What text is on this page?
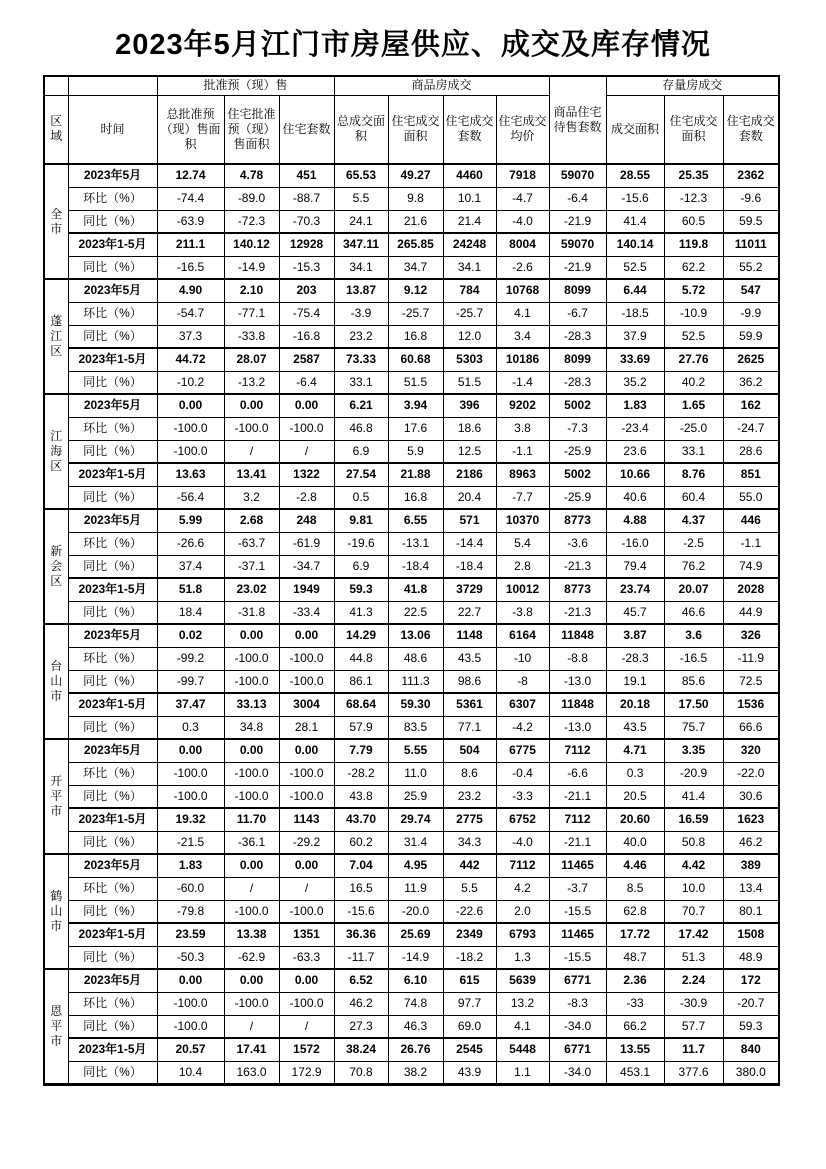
2023年5月江门市房屋供应、成交及库存情况
		批准预（现）售			商品房成交				商品住宅待售套数	存量房成交		
区域	时间	总批准预（现）售面积	住宅批准预（现）售面积	住宅套数	总成交面积	住宅成交面积	住宅成交套数	住宅成交均价		成交面积	住宅成交面积	住宅成交套数
全市	2023年5月	12.74	4.78	451	65.53	49.27	4460	7918	59070	28.55	25.35	2362
	环比（%）	-74.4	-89.0	-88.7	5.5	9.8	10.1	-4.7	-6.4	-15.6	-12.3	-9.6
	同比（%）	-63.9	-72.3	-70.3	24.1	21.6	21.4	-4.0	-21.9	41.4	60.5	59.5
	2023年1-5月	211.1	140.12	12928	347.11	265.85	24248	8004	59070	140.14	119.8	11011
	同比（%）	-16.5	-14.9	-15.3	34.1	34.7	34.1	-2.6	-21.9	52.5	62.2	55.2
蓬江区	2023年5月	4.90	2.10	203	13.87	9.12	784	10768	8099	6.44	5.72	547
	环比（%）	-54.7	-77.1	-75.4	-3.9	-25.7	-25.7	4.1	-6.7	-18.5	-10.9	-9.9
	同比（%）	37.3	-33.8	-16.8	23.2	16.8	12.0	3.4	-28.3	37.9	52.5	59.9
	2023年1-5月	44.72	28.07	2587	73.33	60.68	5303	10186	8099	33.69	27.76	2625
	同比（%）	-10.2	-13.2	-6.4	33.1	51.5	51.5	-1.4	-28.3	35.2	40.2	36.2
江海区	2023年5月	0.00	0.00	0.00	6.21	3.94	396	9202	5002	1.83	1.65	162
	环比（%）	-100.0	-100.0	-100.0	46.8	17.6	18.6	3.8	-7.3	-23.4	-25.0	-24.7
	同比（%）	-100.0	/	/	6.9	5.9	12.5	-1.1	-25.9	23.6	33.1	28.6
	2023年1-5月	13.63	13.41	1322	27.54	21.88	2186	8963	5002	10.66	8.76	851
	同比（%）	-56.4	3.2	-2.8	0.5	16.8	20.4	-7.7	-25.9	40.6	60.4	55.0
新会区	2023年5月	5.99	2.68	248	9.81	6.55	571	10370	8773	4.88	4.37	446
	环比（%）	-26.6	-63.7	-61.9	-19.6	-13.1	-14.4	5.4	-3.6	-16.0	-2.5	-1.1
	同比（%）	37.4	-37.1	-34.7	6.9	-18.4	-18.4	2.8	-21.3	79.4	76.2	74.9
	2023年1-5月	51.8	23.02	1949	59.3	41.8	3729	10012	8773	23.74	20.07	2028
	同比（%）	18.4	-31.8	-33.4	41.3	22.5	22.7	-3.8	-21.3	45.7	46.6	44.9
台山市	2023年5月	0.02	0.00	0.00	14.29	13.06	1148	6164	11848	3.87	3.6	326
	环比（%）	-99.2	-100.0	-100.0	44.8	48.6	43.5	-10	-8.8	-28.3	-16.5	-11.9
	同比（%）	-99.7	-100.0	-100.0	86.1	111.3	98.6	-8	-13.0	19.1	85.6	72.5
	2023年1-5月	37.47	33.13	3004	68.64	59.30	5361	6307	11848	20.18	17.50	1536
	同比（%）	0.3	34.8	28.1	57.9	83.5	77.1	-4.2	-13.0	43.5	75.7	66.6
开平市	2023年5月	0.00	0.00	0.00	7.79	5.55	504	6775	7112	4.71	3.35	320
	环比（%）	-100.0	-100.0	-100.0	-28.2	11.0	8.6	-0.4	-6.6	0.3	-20.9	-22.0
	同比（%）	-100.0	-100.0	-100.0	43.8	25.9	23.2	-3.3	-21.1	20.5	41.4	30.6
	2023年1-5月	19.32	11.70	1143	43.70	29.74	2775	6752	7112	20.60	16.59	1623
	同比（%）	-21.5	-36.1	-29.2	60.2	31.4	34.3	-4.0	-21.1	40.0	50.8	46.2
鹤山市	2023年5月	1.83	0.00	0.00	7.04	4.95	442	7112	11465	4.46	4.42	389
	环比（%）	-60.0	/	/	16.5	11.9	5.5	4.2	-3.7	8.5	10.0	13.4
	同比（%）	-79.8	-100.0	-100.0	-15.6	-20.0	-22.6	2.0	-15.5	62.8	70.7	80.1
	2023年1-5月	23.59	13.38	1351	36.36	25.69	2349	6793	11465	17.72	17.42	1508
	同比（%）	-50.3	-62.9	-63.3	-11.7	-14.9	-18.2	1.3	-15.5	48.7	51.3	48.9
恩平市	2023年5月	0.00	0.00	0.00	6.52	6.10	615	5639	6771	2.36	2.24	172
	环比（%）	-100.0	-100.0	-100.0	46.2	74.8	97.7	13.2	-8.3	-33	-30.9	-20.7
	同比（%）	-100.0	/	/	27.3	46.3	69.0	4.1	-34.0	66.2	57.7	59.3
	2023年1-5月	20.57	17.41	1572	38.24	26.76	2545	5448	6771	13.55	11.7	840
	同比（%）	10.4	163.0	172.9	70.8	38.2	43.9	1.1	-34.0	453.1	377.6	380.0
